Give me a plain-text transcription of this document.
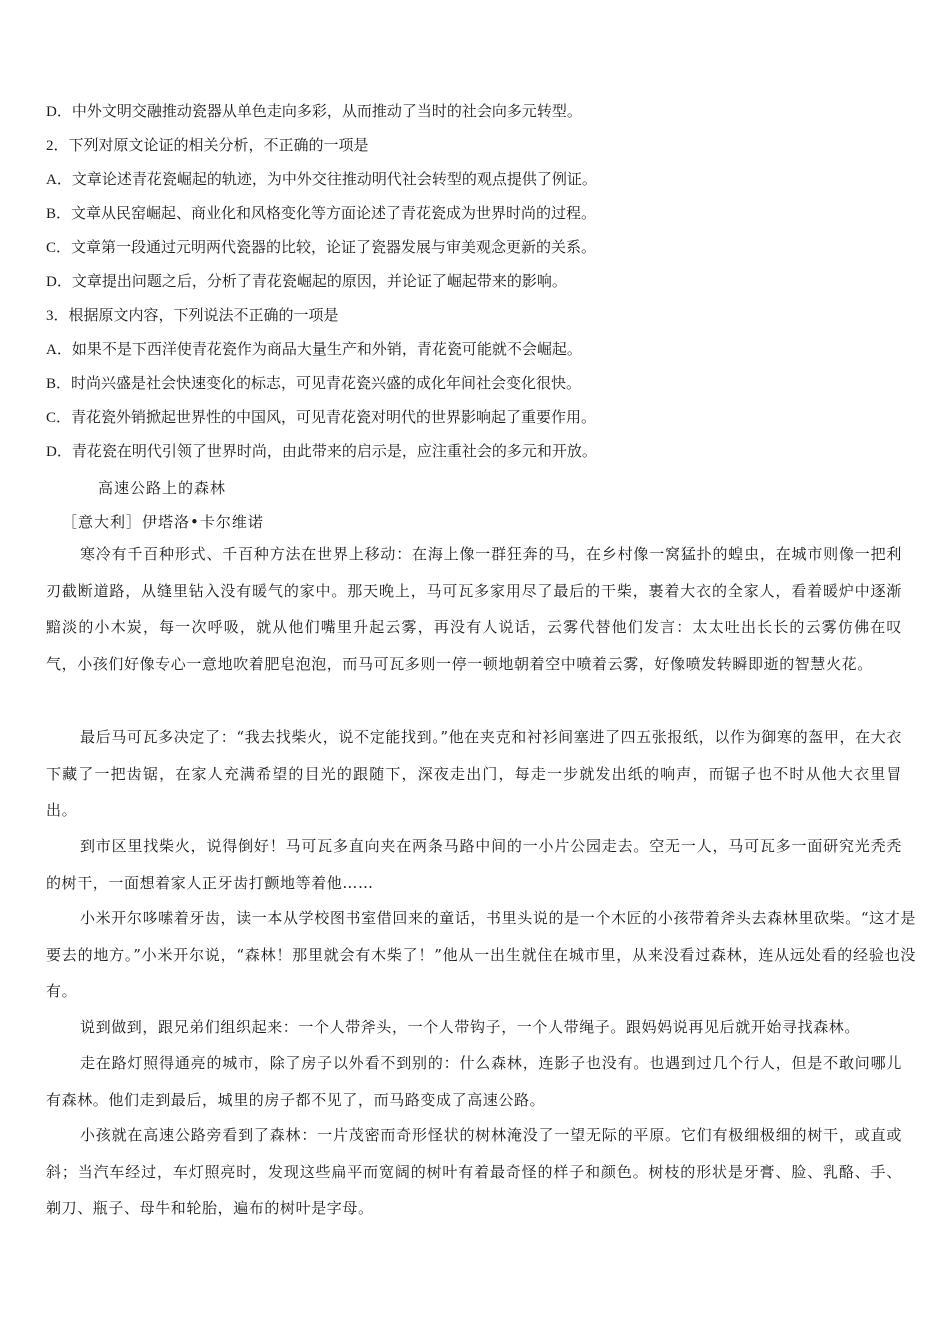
D．中外文明交融推动瓷器从单色走向多彩，从而推动了当时的社会向多元转型。
2．下列对原文论证的相关分析，不正确的一项是
A．文章论述青花瓷崛起的轨迹，为中外交往推动明代社会转型的观点提供了例证。
B．文章从民窑崛起、商业化和风格变化等方面论述了青花瓷成为世界时尚的过程。
C．文章第一段通过元明两代瓷器的比较，论证了瓷器发展与审美观念更新的关系。
D．文章提出问题之后，分析了青花瓷崛起的原因，并论证了崛起带来的影响。
3．根据原文内容，下列说法不正确的一项是
A．如果不是下西洋使青花瓷作为商品大量生产和外销，青花瓷可能就不会崛起。
B．时尚兴盛是社会快速变化的标志，可见青花瓷兴盛的成化年间社会变化很快。
C．青花瓷外销掀起世界性的中国风，可见青花瓷对明代的世界影响起了重要作用。
D．青花瓷在明代引领了世界时尚，由此带来的启示是，应注重社会的多元和开放。
高速公路上的森林
［意大利］伊塔洛•卡尔维诺

寒冷有千百种形式、千百种方法在世界上移动：在海上像一群狂奔的马，在乡村像一窝猛扑的蝗虫，在城市则像一把利刃截断道路，从缝里钻入没有暖气的家中。那天晚上，马可瓦多家用尽了最后的干柴，裹着大衣的全家人，看着暖炉中逐渐黯淡的小木炭，每一次呼吸，就从他们嘴里升起云雾，再没有人说话，云雾代替他们发言：太太吐出长长的云雾仿佛在叹气，小孩们好像专心一意地吹着肥皂泡泡，而马可瓦多则一停一顿地朝着空中喷着云雾，好像喷发转瞬即逝的智慧火花。

最后马可瓦多决定了：“我去找柴火，说不定能找到。”他在夹克和衬衫间塞进了四五张报纸，以作为御寒的盔甲，在大衣下藏了一把齿锯，在家人充满希望的目光的跟随下，深夜走出门，每走一步就发出纸的响声，而锯子也不时从他大衣里冒出。

到市区里找柴火，说得倒好！马可瓦多直向夹在两条马路中间的一小片公园走去。空无一人，马可瓦多一面研究光秃秃的树干，一面想着家人正牙齿打颤地等着他……

小米开尔哆嗦着牙齿，读一本从学校图书室借回来的童话，书里头说的是一个木匠的小孩带着斧头去森林里砍柴。“这才是要去的地方。”小米开尔说，“森林！那里就会有木柴了！”他从一出生就住在城市里，从来没看过森林，连从远处看的经验也没有。

说到做到，跟兄弟们组织起来：一个人带斧头，一个人带钩子，一个人带绳子。跟妈妈说再见后就开始寻找森林。

走在路灯照得通亮的城市，除了房子以外看不到别的：什么森林，连影子也没有。也遇到过几个行人，但是不敢问哪儿有森林。他们走到最后，城里的房子都不见了，而马路变成了高速公路。

小孩就在高速公路旁看到了森林：一片茂密而奇形怪状的树林淹没了一望无际的平原。它们有极细极细的树干，或直或斜；当汽车经过，车灯照亮时，发现这些扁平而宽阔的树叶有着最奇怪的样子和颜色。树枝的形状是牙膏、脸、乳酪、手、剃刀、瓶子、母牛和轮胎，遍布的树叶是字母。
